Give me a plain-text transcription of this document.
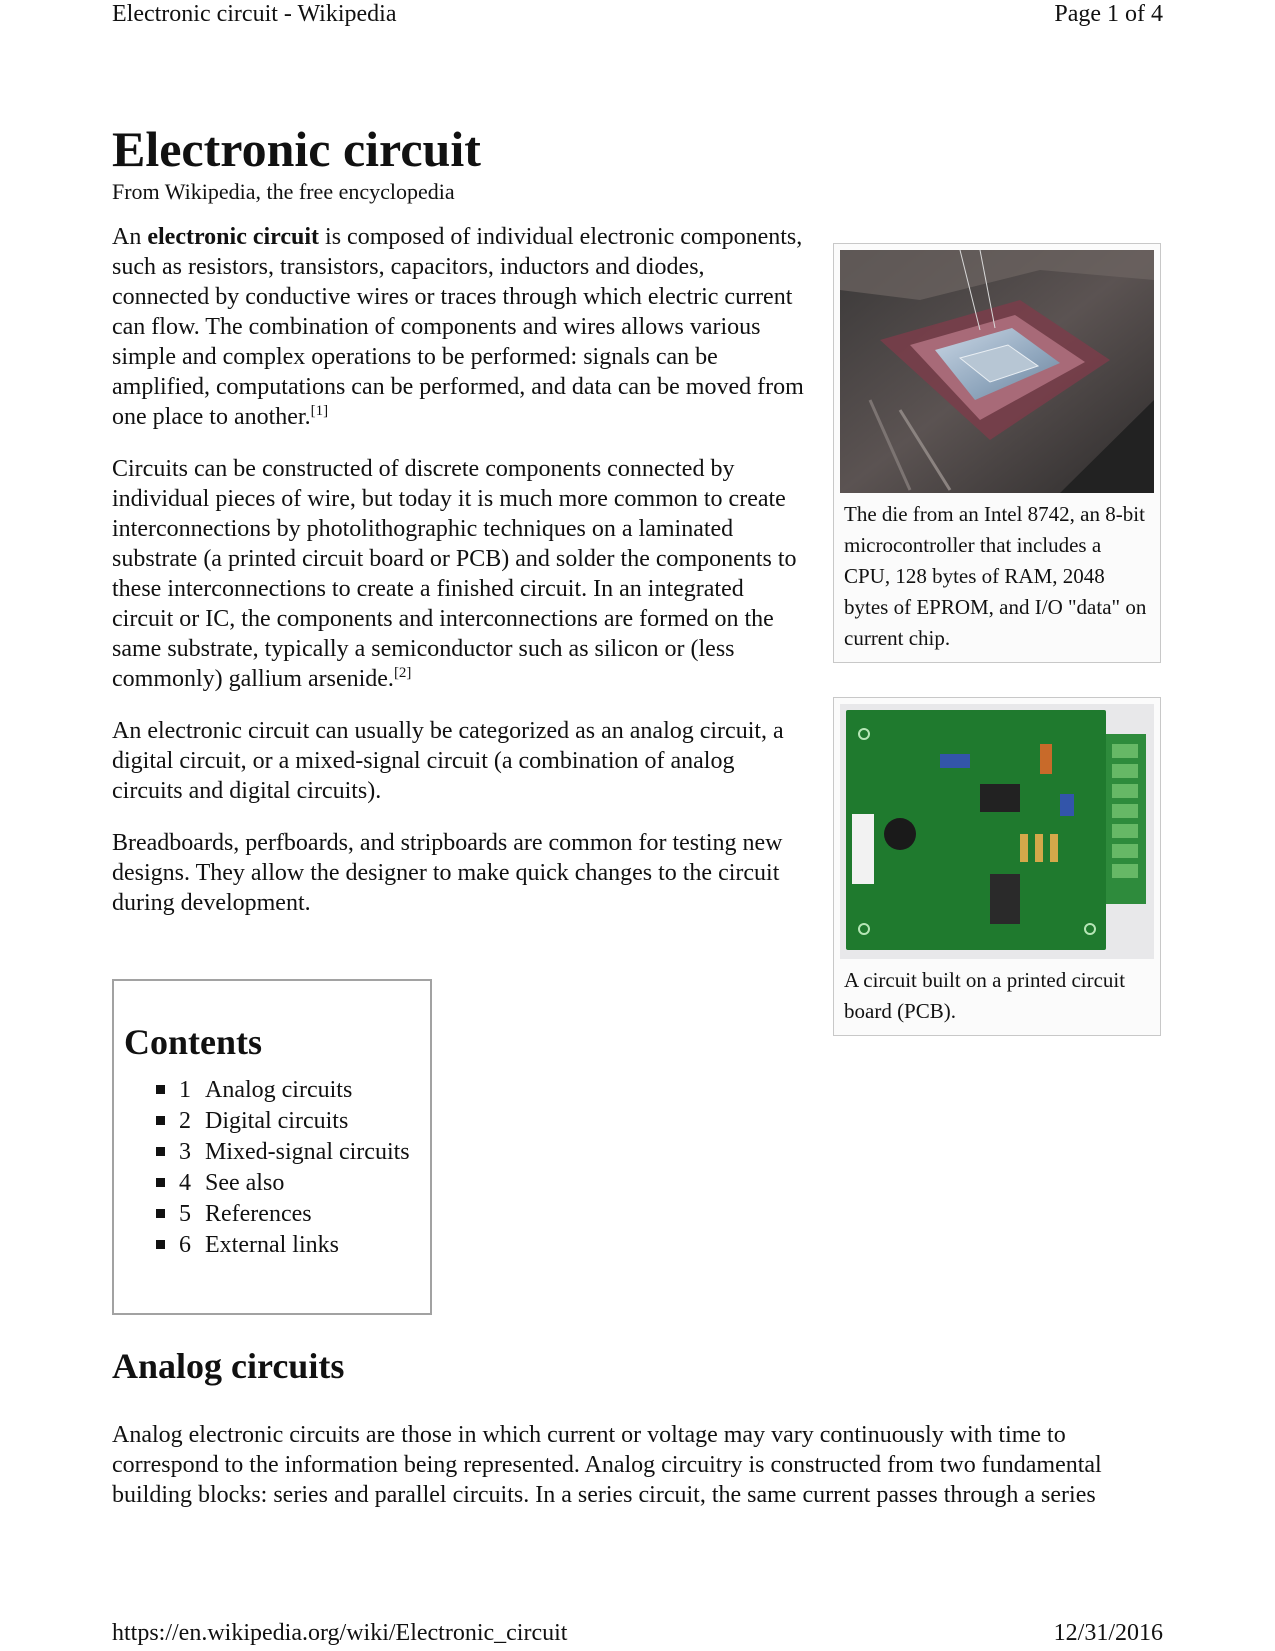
Electronic circuit - Wikipedia	Page 1 of 4
Electronic circuit
From Wikipedia, the free encyclopedia

An electronic circuit is composed of individual electronic components, such as resistors, transistors, capacitors, inductors and diodes, connected by conductive wires or traces through which electric current can flow. The combination of components and wires allows various simple and complex operations to be performed: signals can be amplified, computations can be performed, and data can be moved from one place to another.[1]

Circuits can be constructed of discrete components connected by individual pieces of wire, but today it is much more common to create interconnections by photolithographic techniques on a laminated substrate (a printed circuit board or PCB) and solder the components to these interconnections to create a finished circuit. In an integrated circuit or IC, the components and interconnections are formed on the same substrate, typically a semiconductor such as silicon or (less commonly) gallium arsenide.[2]

An electronic circuit can usually be categorized as an analog circuit, a digital circuit, or a mixed-signal circuit (a combination of analog circuits and digital circuits).

Breadboards, perfboards, and stripboards are common for testing new designs. They allow the designer to make quick changes to the circuit during development.

The die from an Intel 8742, an 8-bit microcontroller that includes a CPU, 128 bytes of RAM, 2048 bytes of EPROM, and I/O "data" on current chip.
A circuit built on a printed circuit board (PCB).
Contents
1 Analog circuits
2 Digital circuits
3 Mixed-signal circuits
4 See also
5 References
6 External links
Analog circuits

Analog electronic circuits are those in which current or voltage may vary continuously with time to correspond to the information being represented. Analog circuitry is constructed from two fundamental building blocks: series and parallel circuits. In a series circuit, the same current passes through a series

https://en.wikipedia.org/wiki/Electronic_circuit	12/31/2016
